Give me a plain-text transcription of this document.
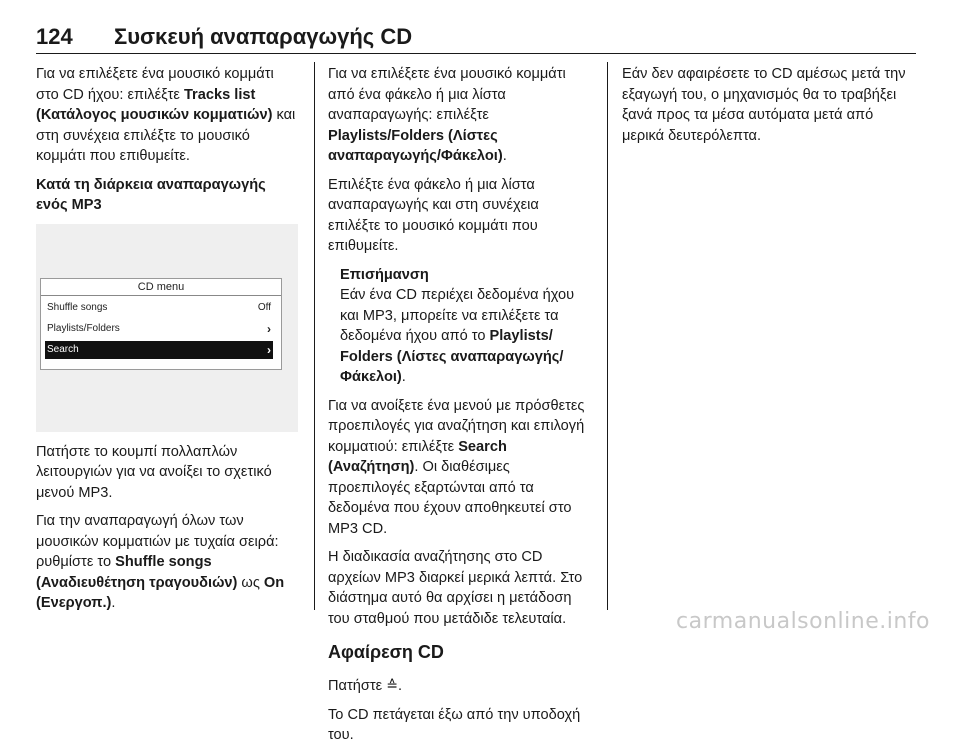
124	Συσκευή αναπαραγωγής CD

Για να επιλέξετε ένα μουσικό κομμάτι στο CD ήχου: επιλέξτε Tracks list (Κατάλογος μουσικών κομματιών) και στη συνέχεια επιλέξτε το μουσικό κομμάτι που επιθυμείτε.

Κατά τη διάρκεια αναπαραγωγής ενός MP3

CD menu
Shuffle songs	Off
Playlists/Folders	›
Search	›

Πατήστε το κουμπί πολλαπλών λειτουργιών για να ανοίξει το σχετικό μενού MP3.

Για την αναπαραγωγή όλων των μουσικών κομματιών με τυχαία σειρά: ρυθμίστε το Shuffle songs (Αναδιευθέτηση τραγουδιών) ως On (Ενεργοπ.).

Για να επιλέξετε ένα μουσικό κομμάτι από ένα φάκελο ή μια λίστα αναπαραγωγής: επιλέξτε Playlists/Folders (Λίστες αναπαραγωγής/Φάκελοι).

Επιλέξτε ένα φάκελο ή μια λίστα αναπαραγωγής και στη συνέχεια επιλέξτε το μουσικό κομμάτι που επιθυμείτε.

Επισήμανση
Εάν ένα CD περιέχει δεδομένα ήχου και MP3, μπορείτε να επιλέξετε τα δεδομένα ήχου από το Playlists/ Folders (Λίστες αναπαραγωγής/ Φάκελοι).

Για να ανοίξετε ένα μενού με πρόσθετες προεπιλογές για αναζήτηση και επιλογή κομματιού: επιλέξτε Search (Αναζήτηση). Οι διαθέσιμες προεπιλογές εξαρτώνται από τα δεδομένα που έχουν αποθηκευτεί στο MP3 CD.

Η διαδικασία αναζήτησης στο CD αρχείων MP3 διαρκεί μερικά λεπτά. Στο διάστημα αυτό θα αρχίσει η μετάδοση του σταθμού που μετάδιδε τελευταία.

Αφαίρεση CD

Πατήστε ≙.

Το CD πετάγεται έξω από την υποδοχή του.

Εάν δεν αφαιρέσετε το CD αμέσως μετά την εξαγωγή του, ο μηχανισμός θα το τραβήξει ξανά προς τα μέσα αυτόματα μετά από μερικά δευτερόλεπτα.

carmanualsonline.info
